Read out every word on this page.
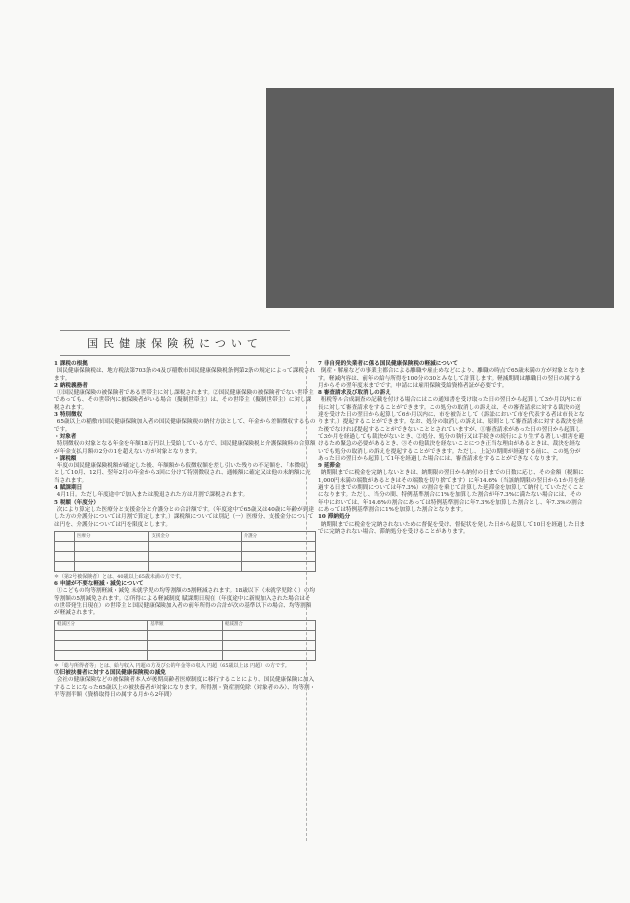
国民健康保険税について

1 課税の根拠

国民健康保険税は、地方税法第703条の4及び稲敷市国民健康保険税条例第2条の規定によって課税されます。

2 納税義務者

①国民健康保険の被保険者である世帯主に対し課税されます。②国民健康保険の被保険者でない世帯主であっても、その世帯内に被保険者がいる場合（擬制世帯主）は、その世帯主（擬制世帯主）に対し課税されます。

3 特別徴収

65歳以上の稲敷市国民健康保険加入者の国民健康保険税の納付方法として、年金から差額徴収するものです。

・対象者

特別徴収の対象となる年金を年額18万円以上受給している方で、国民健康保険税と介護保険料の合算額が年金支払月額の2分の1を超えない方が対象となります。

・課税額

年度の国民健康保険税額が確定した後、年額額から仮徴収額を差し引いた残りの不足額を、「本徴収」として10月、12月、翌年2月の年金から3回に分けて特別徴収され、通帳額に確定又は他の未納額に充当されます。

4 賦課期日

4月1日。ただし年度途中で加入または脱退された方は月割で課税されます。

5 税額（年度分）

次により算定した医療分と支援金分と介護分との合計額です。（年度途中で65歳又は40歳に年齢が到達した方の介護分については月割で算定します。）課税額については別記（一）医療分、支援金分については円を、介護分については円を限度とします。

	医療分	支援金分	介護分

＊（第2号被保険者）とは、40歳以上65歳未満の方です。

6 申請が不要な軽減・減免について

①こどもの均等割軽減・減免 未就学児の均等割額の5割軽減されます。18歳以下（未就学児除く）の均等割額の5割減免されます。②所得による軽減制度 賦課期日現在（年度途中に新規加入された場合はその世帯発生日現在）の世帯主と国民健康保険加入者の前年所得の合計が次の基準以下の場合、均等割額が軽減されます。

軽減区分	基準額	軽減割合

＊「総与所得者等」とは、給与収入 円超の方及び公的年金等の収入 円超（65歳以上は 円超）の方です。

③旧被扶養者に対する国民健康保険税の減免

会社の健康保険などの被保険者本人が後期高齢者医療制度に移行することにより、国民健康保険に加入することになった65歳以上の被扶養者が対象になります。所得割・資産割免除（対象者のみ）、均等割・平等割半額（資格取得日の属する月から2年間）

7 非自発的失業者に係る国民健康保険税の軽減について

倒産・解雇などの事業主都合による離職や雇止めなどにより、離職の時点で65歳未満の方が対象となります。軽減内容は、前年の給与所得を100分の30とみなして計算します。軽減期間は離職日の翌日の属する月からその翌年度末までです。申請には雇用保険受給資格者証が必要です。

8 審査請求及び取消しの訴え

租税等ル合成調査の記載を付ける場合にはこの通知書を受け取った日の翌日から起算して3か月以内に市長に対して審査請求をすることができます。この処分の取消しの訴えは、その審査請求に対する裁決の送達を受けた日の翌日から起算して6か月以内に、市を被告として（訴訟において市を代表する者は市長となります。）提起することができます。なお、処分の取消しの訴えは、原則として審査請求に対する裁決を経た後でなければ提起することができないこととされていますが、①審査請求があった日の翌日から起算して3か月を経過しても裁決がないとき、②処分、処分の執行又は手続きの続行により生ずる著しい損害を避けるため緊急の必要があるとき、③その他裁決を経ないことにつき正当な理由があるときは、裁決を経ないでも処分の取消しの訴えを提起することができます。ただし、上記の期間が経過する前に、この処分があった日の翌日から起算して1年を経過した場合には、審査請求をすることができなくなります。

9 延滞金

納期限までに税金を完納しないときは、納期限の翌日から納付の日までの日数に応じ、その金額（税額に1,000円未満の端数があるときはその端数を切り捨てます）に年14.6%（当該納期限の翌日から1か月を経過する日までの期間については年7.3%）の割合を乗じて計算した延滞金を加算して納付していただくことになります。ただし、当分の間、特例基準割合に1%を加算した割合が年7.3%に満たない場合には、その年中においては、年14.6%の割合にあっては特例基準割合に年7.3%を加算した割合とし、年7.3%の割合にあっては特例基準割合に1%を加算した割合となります。

10 滞納処分

納期限までに税金を完納されないために督促を受け、督促状を発した日から起算して10日を経過した日までに完納されない場合、滞納処分を受けることがあります。
